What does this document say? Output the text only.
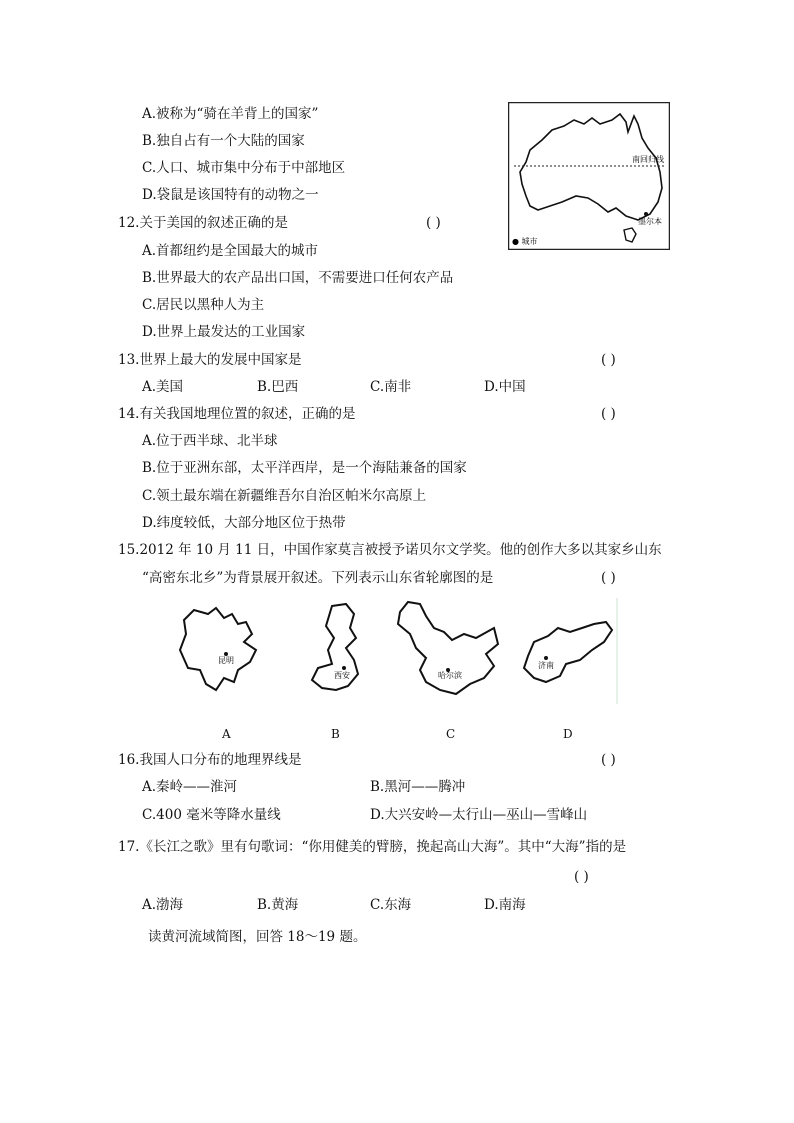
A.被称为“骑在羊背上的国家”
B.独自占有一个大陆的国家
C.人口、城市集中分布于中部地区
D.袋鼠是该国特有的动物之一
南回归线
墨尔本
● 城市
12.关于美国的叙述正确的是	( )
A.首都纽约是全国最大的城市
B.世界最大的农产品出口国，不需要进口任何农产品
C.居民以黑种人为主
D.世界上最发达的工业国家
13.世界上最大的发展中国家是	( )
A.美国	B.巴西	C.南非	D.中国
14.有关我国地理位置的叙述，正确的是	( )
A.位于西半球、北半球
B.位于亚洲东部，太平洋西岸，是一个海陆兼备的国家
C.领土最东端在新疆维吾尔自治区帕米尔高原上
D.纬度较低，大部分地区位于热带
15.2012 年 10 月 11 日，中国作家莫言被授予诺贝尔文学奖。他的创作大多以其家乡山东
“高密东北乡”为背景展开叙述。下列表示山东省轮廓图的是	( )
昆明
西安	哈尔滨
济南
A	B	C	D
16.我国人口分布的地理界线是	( )
A.秦岭——淮河	B.黑河——腾冲
C.400 毫米等降水量线	D.大兴安岭—太行山—巫山—雪峰山
17.《长江之歌》里有句歌词：“你用健美的臂膀，挽起高山大海”。其中“大海”指的是
( )
A.渤海	B.黄海	C.东海	D.南海
读黄河流域简图，回答 18～19 题。
